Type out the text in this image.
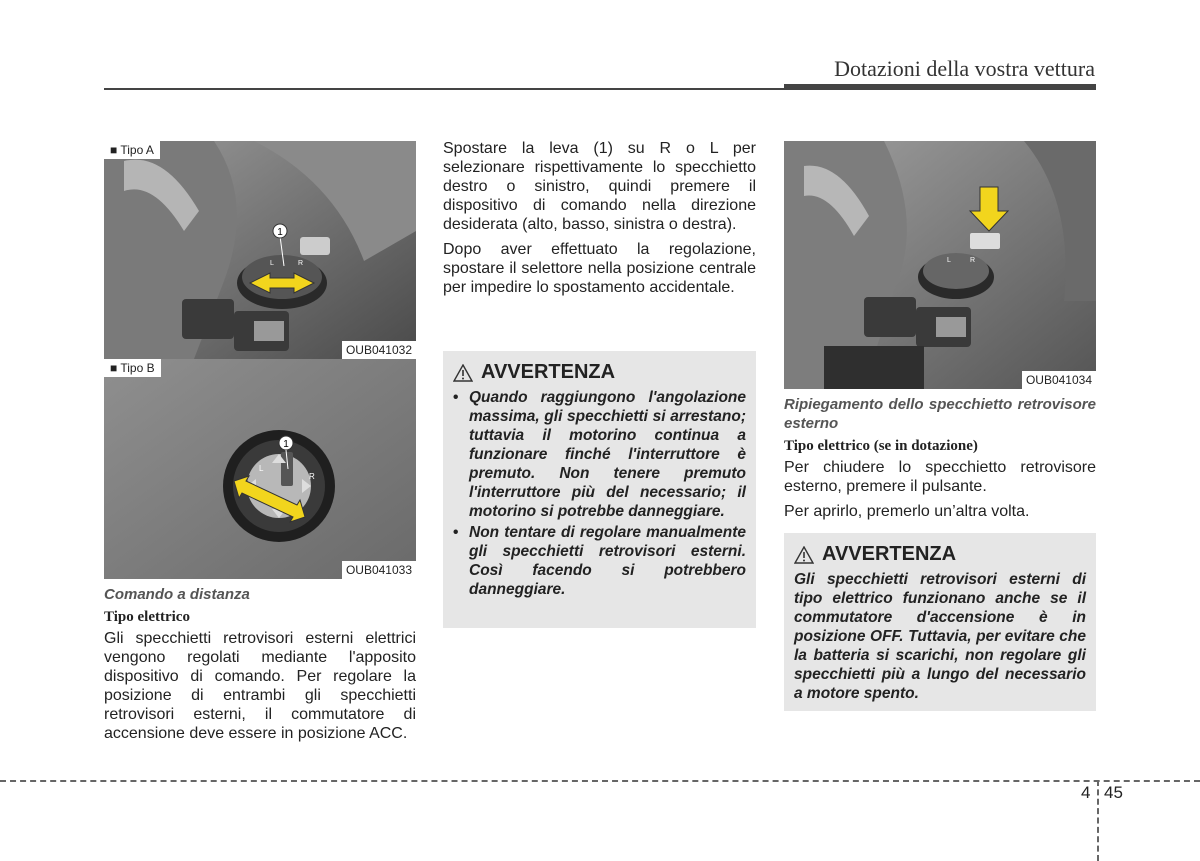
Dotazioni della vostra vettura
1
L	R
■ Tipo A
OUB041032
1
L
R
■ Tipo B
OUB041033
Comando a distanza
Tipo elettrico

Gli specchietti retrovisori esterni elettrici vengono regolati mediante l'apposito dispositivo di comando. Per regolare la posizione di entrambi gli specchietti retrovisori esterni, il commutatore di accensione deve essere in posizione ACC.

Spostare la leva (1) su R o L per selezionare rispettivamente lo specchietto destro o sinistro, quindi premere il dispositivo di comando nella direzione desiderata (alto, basso, sinistra o destra).

Dopo aver effettuato la regolazione, spostare il selettore nella posizione centrale per impedire lo spostamento accidentale.

AVVERTENZA
• Quando raggiungono l'angolazione massima, gli specchietti si arrestano; tuttavia il motorino continua a funzionare finché l'interruttore è premuto. Non tenere premuto l'interruttore più del necessario; il motorino si potrebbe danneggiare.
• Non tentare di regolare manualmente gli specchietti retrovisori esterni. Così facendo si potrebbero danneggiare.
L	R
OUB041034
Ripiegamento dello specchietto retrovisore esterno
Tipo elettrico (se in dotazione)

Per chiudere lo specchietto retrovisore esterno, premere il pulsante.

Per aprirlo, premerlo un’altra volta.

AVVERTENZA
Gli specchietti retrovisori esterni di tipo elettrico funzionano anche se il commutatore d'accensione è in posizione OFF. Tuttavia, per evitare che la batteria si scarichi, non regolare gli specchietti più a lungo del necessario a motore spento.
4 45
